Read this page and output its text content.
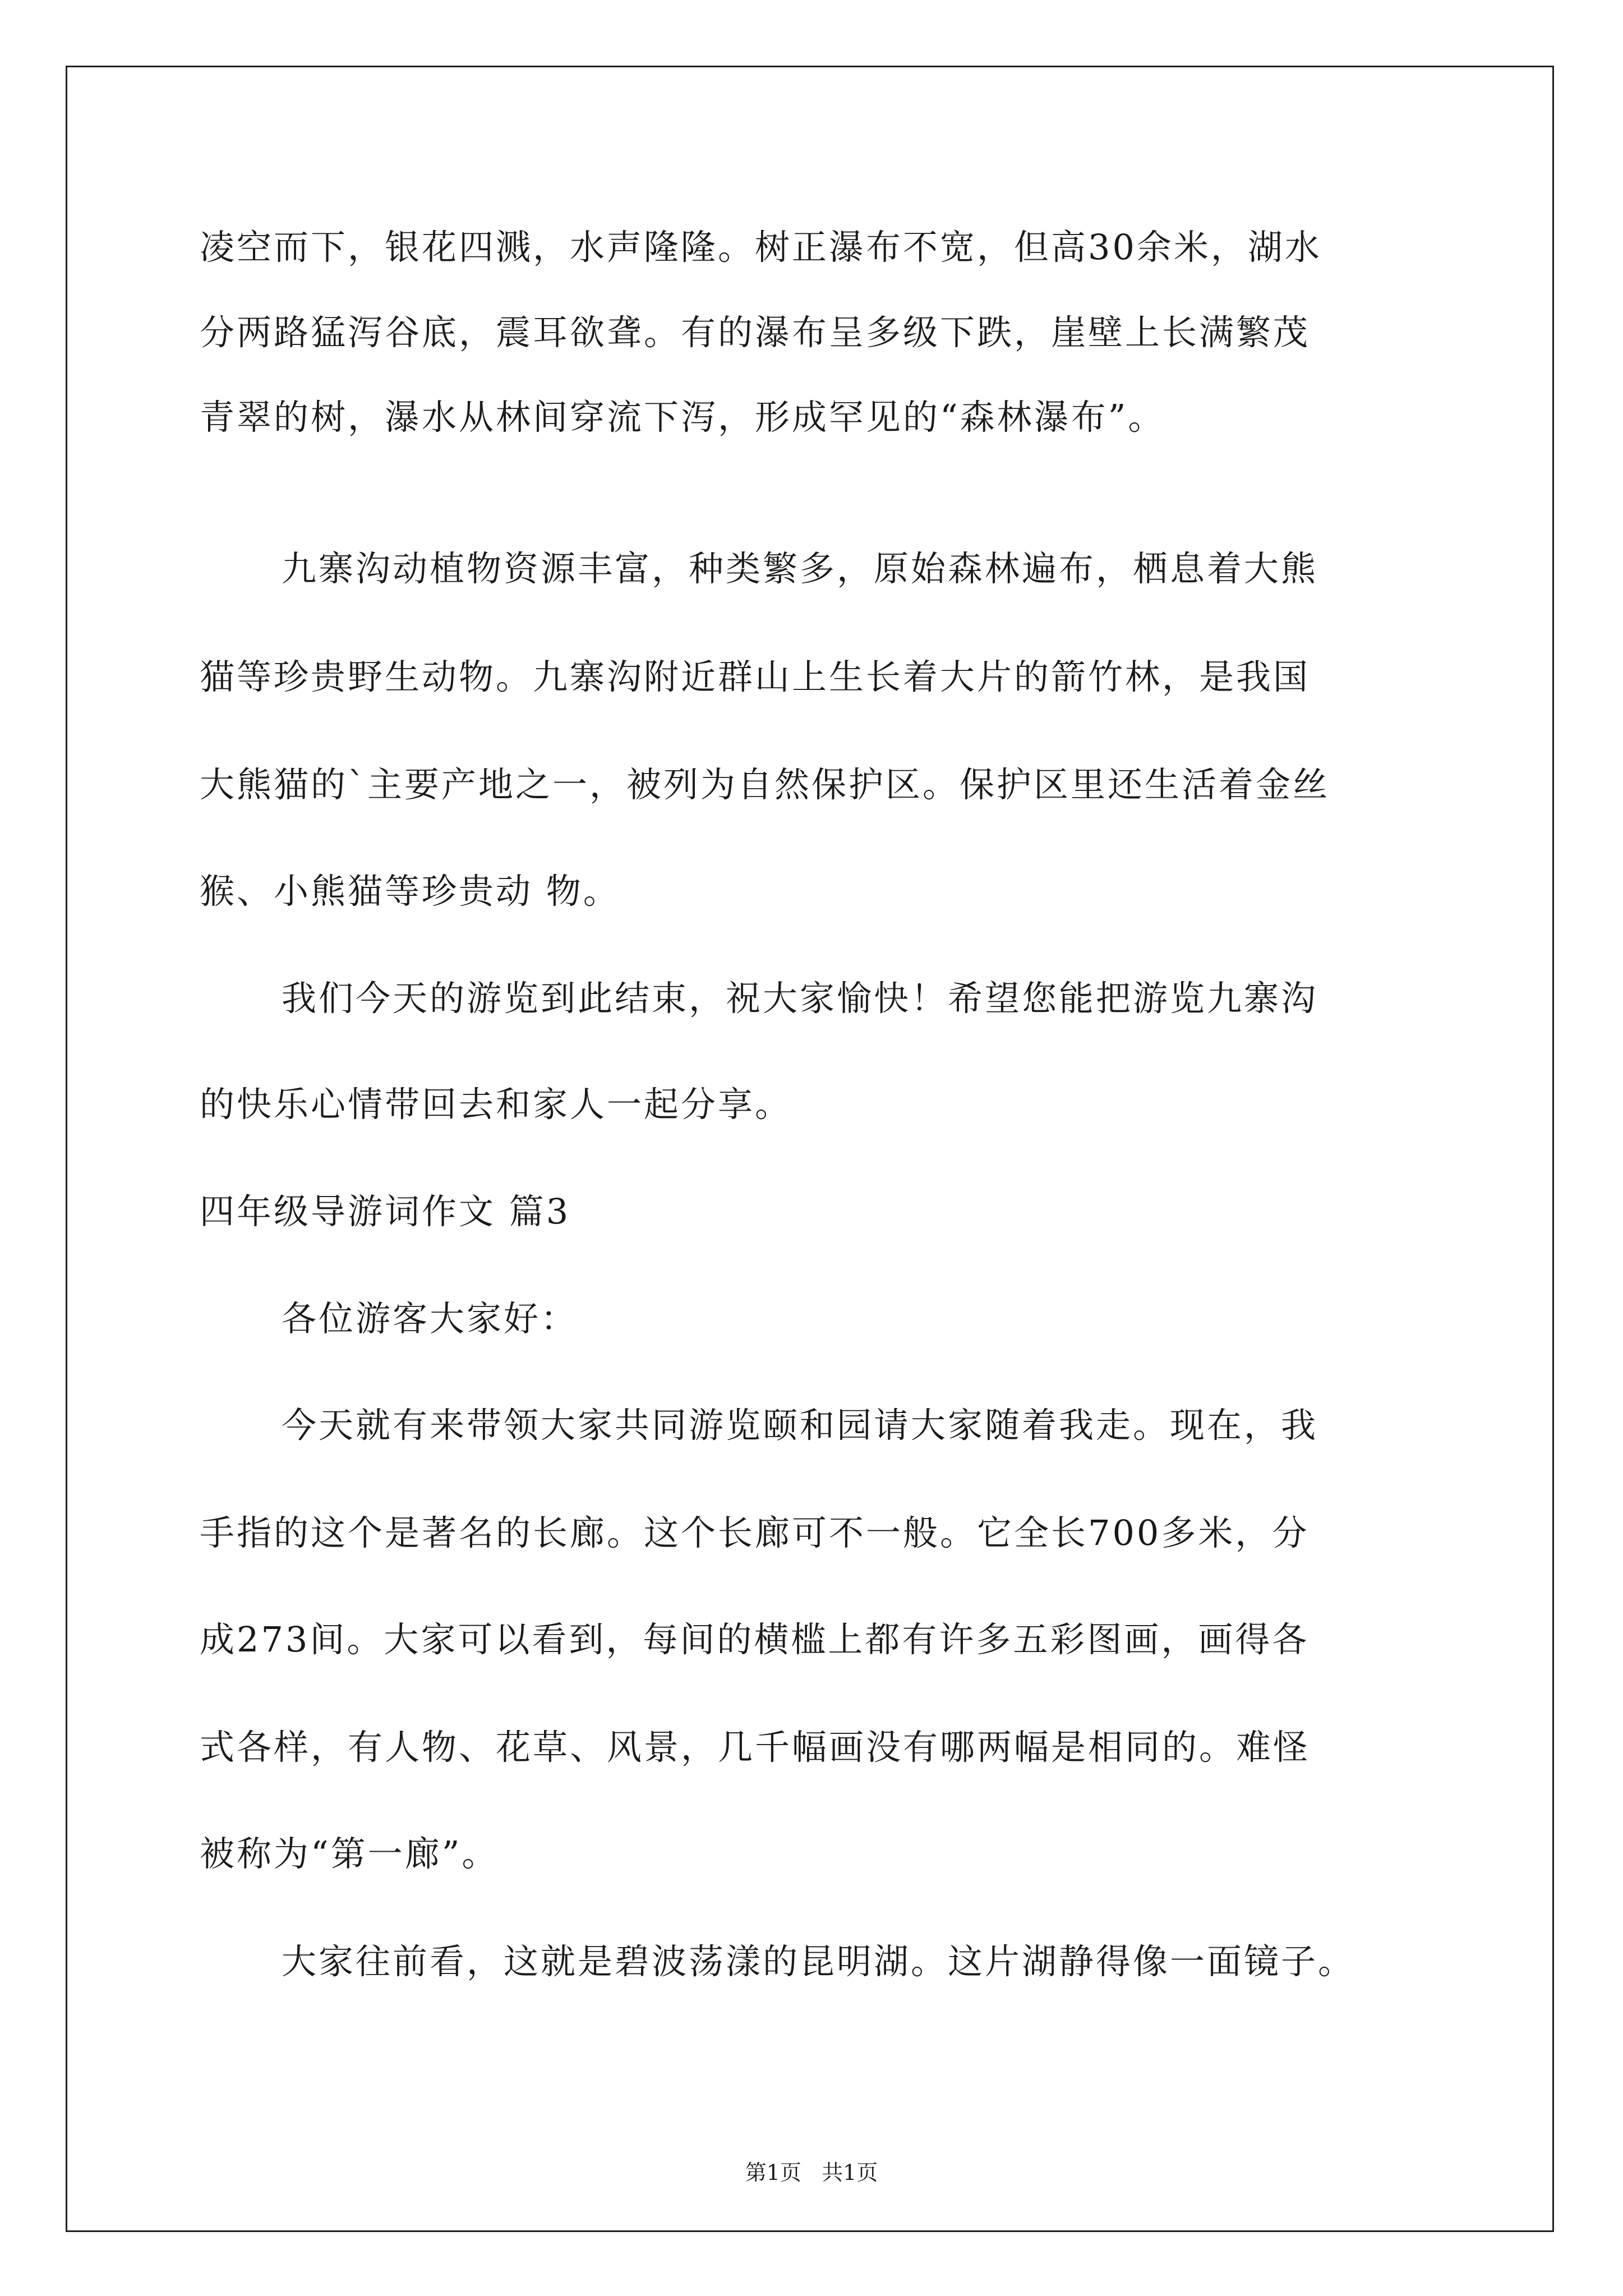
凌空而下，银花四溅，水声隆隆。树正瀑布不宽，但高30余米，湖水
分两路猛泻谷底，震耳欲聋。有的瀑布呈多级下跌，崖壁上长满繁茂
青翠的树，瀑水从林间穿流下泻，形成罕见的“森林瀑布”。
九寨沟动植物资源丰富，种类繁多，原始森林遍布，栖息着大熊
猫等珍贵野生动物。九寨沟附近群山上生长着大片的箭竹林，是我国
大熊猫的`主要产地之一，被列为自然保护区。保护区里还生活着金丝
猴、小熊猫等珍贵动 物。
我们今天的游览到此结束，祝大家愉快！希望您能把游览九寨沟
的快乐心情带回去和家人一起分享。
四年级导游词作文 篇3
各位游客大家好：
今天就有来带领大家共同游览颐和园请大家随着我走。现在，我
手指的这个是著名的长廊。这个长廊可不一般。它全长700多米，分
成273间。大家可以看到，每间的横槛上都有许多五彩图画，画得各
式各样，有人物、花草、风景，几千幅画没有哪两幅是相同的。难怪
被称为“第一廊”。
大家往前看，这就是碧波荡漾的昆明湖。这片湖静得像一面镜子。
第1页   共1页
